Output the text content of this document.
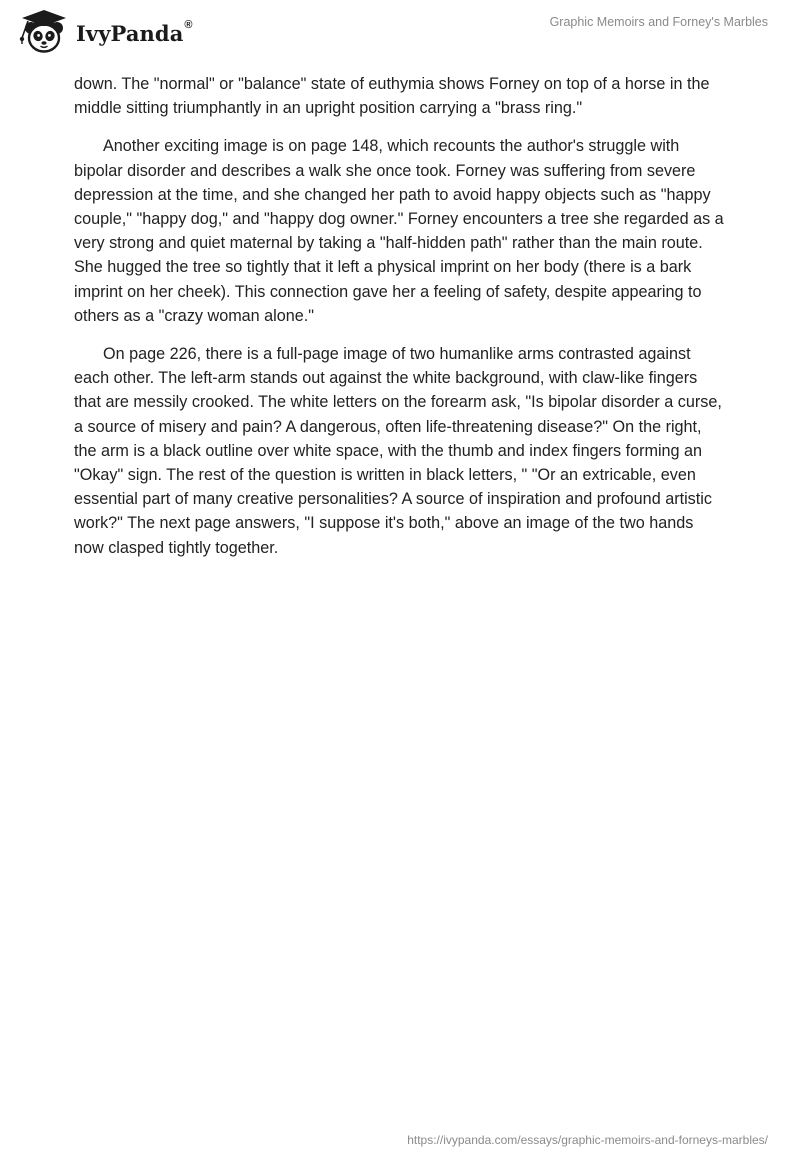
IvyPanda®	Graphic Memoirs and Forney's Marbles

down. The "normal" or "balance" state of euthymia shows Forney on top of a horse in the middle sitting triumphantly in an upright position carrying a "brass ring."

Another exciting image is on page 148, which recounts the author's struggle with bipolar disorder and describes a walk she once took. Forney was suffering from severe depression at the time, and she changed her path to avoid happy objects such as "happy couple," "happy dog," and "happy dog owner." Forney encounters a tree she regarded as a very strong and quiet maternal by taking a "half-hidden path" rather than the main route. She hugged the tree so tightly that it left a physical imprint on her body (there is a bark imprint on her cheek). This connection gave her a feeling of safety, despite appearing to others as a "crazy woman alone."

On page 226, there is a full-page image of two humanlike arms contrasted against each other. The left-arm stands out against the white background, with claw-like fingers that are messily crooked. The white letters on the forearm ask, "Is bipolar disorder a curse, a source of misery and pain? A dangerous, often life-threatening disease?" On the right, the arm is a black outline over white space, with the thumb and index fingers forming an "Okay" sign. The rest of the question is written in black letters, " "Or an extricable, even essential part of many creative personalities? A source of inspiration and profound artistic work?" The next page answers, "I suppose it's both," above an image of the two hands now clasped tightly together.

https://ivypanda.com/essays/graphic-memoirs-and-forneys-marbles/
